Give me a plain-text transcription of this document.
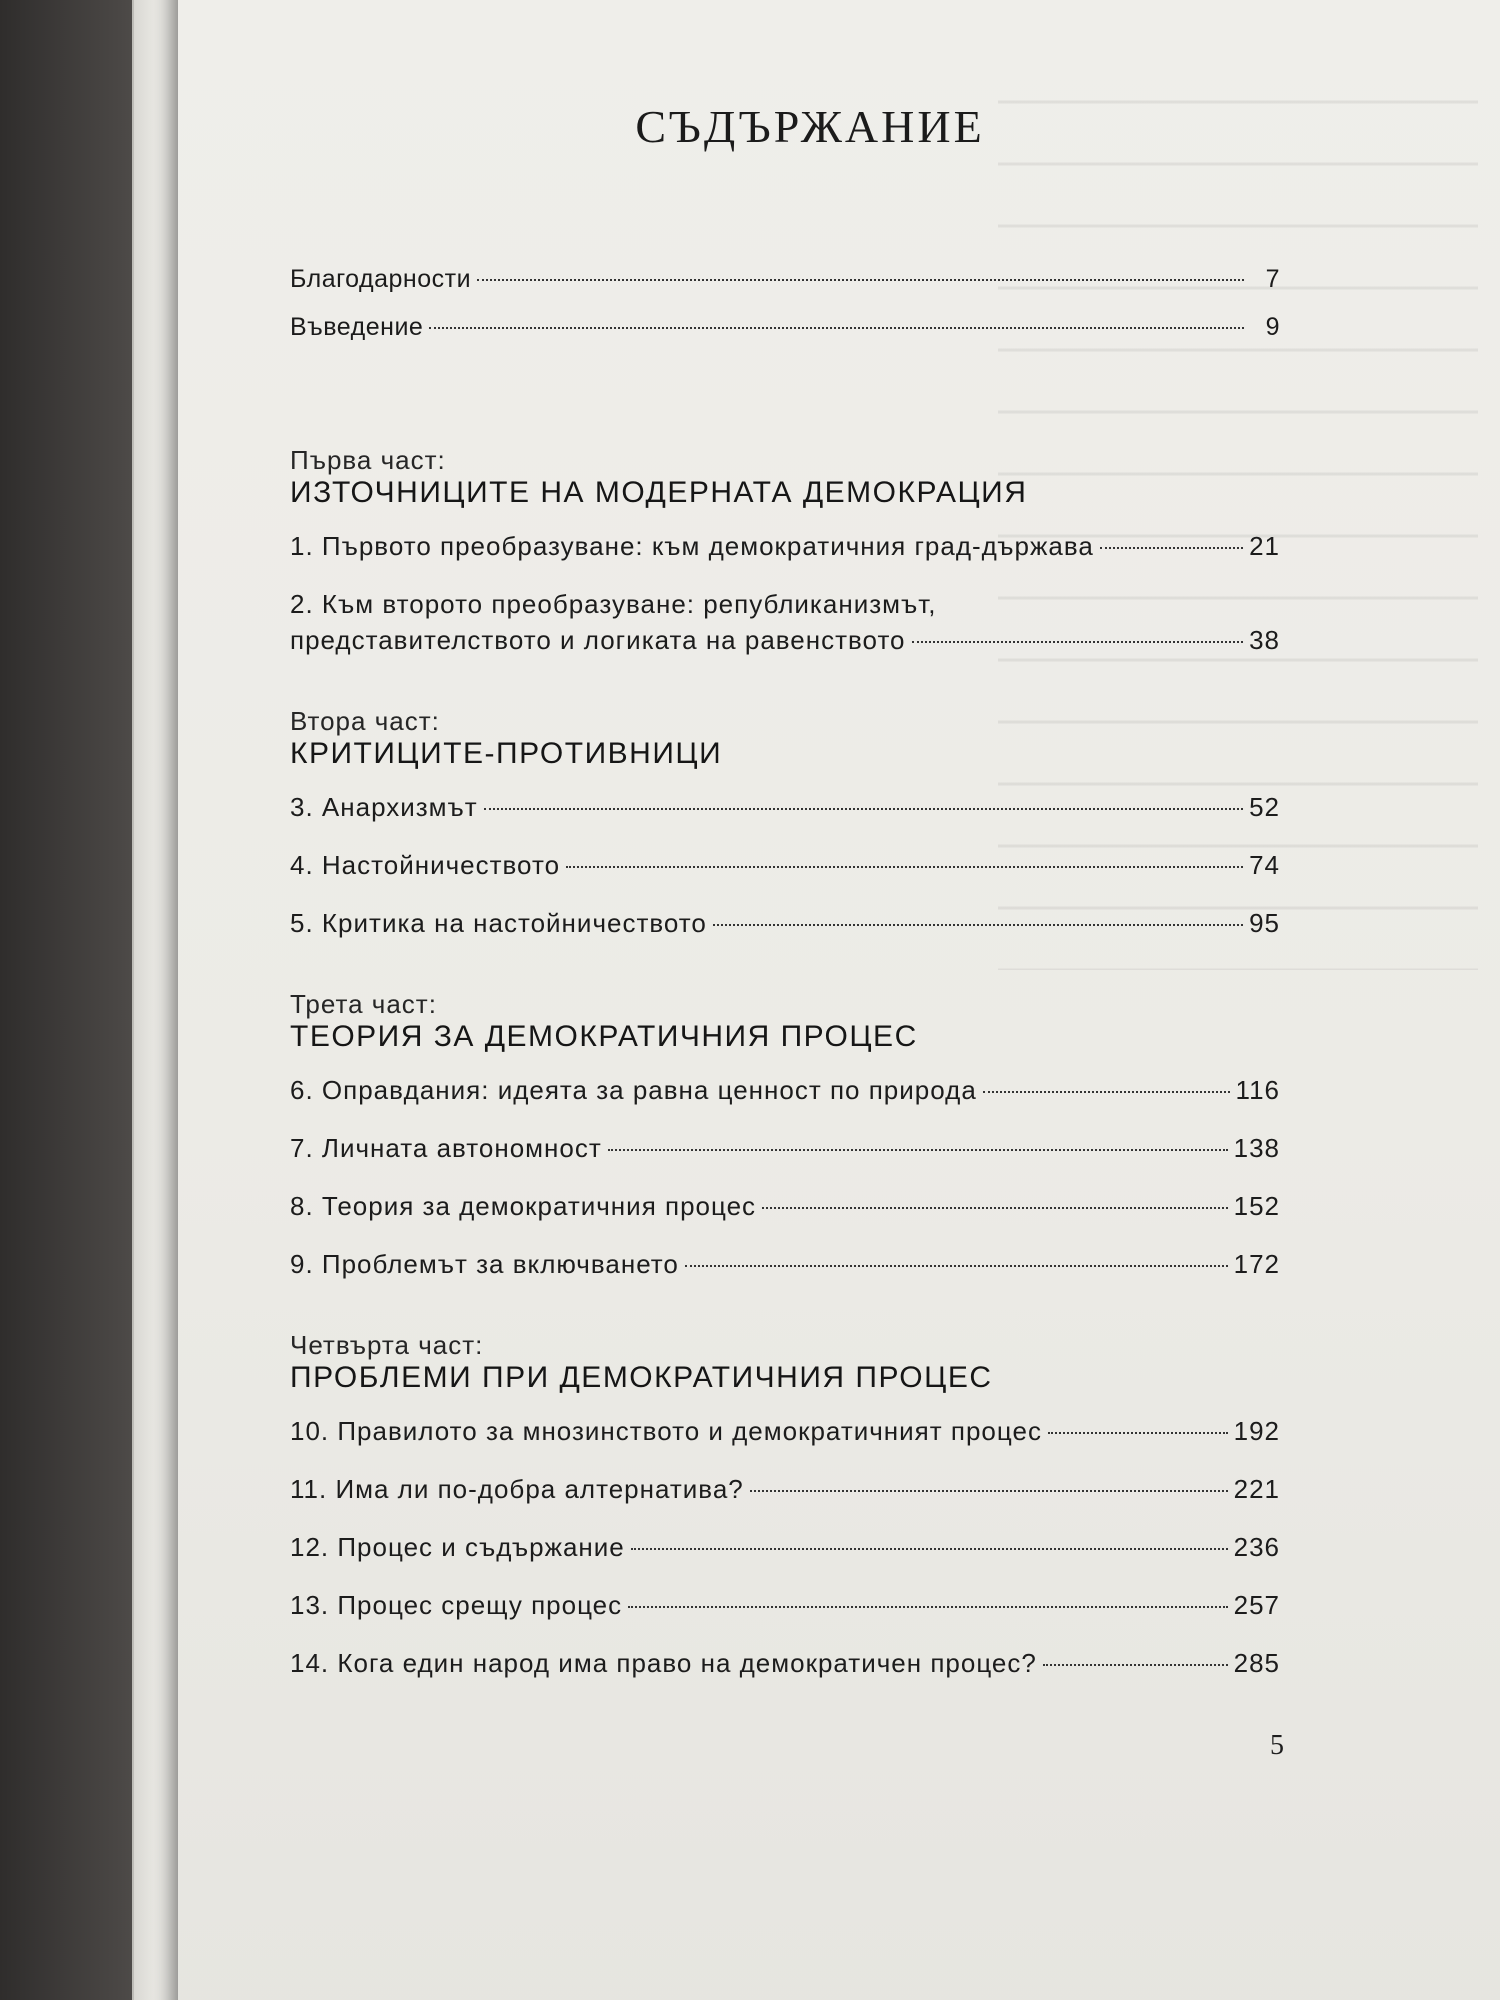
СЪДЪРЖАНИЕ
Благодарности	7
Въведение	9
Първа част:
ИЗТОЧНИЦИТЕ НА МОДЕРНАТА ДЕМОКРАЦИЯ
1. Първото преобразуване: към демократичния град-държава	21
2. Към второто преобразуване: републиканизмът,
представителството и логиката на равенството	38
Втора част:
КРИТИЦИТЕ-ПРОТИВНИЦИ
3. Анархизмът	52
4. Настойничеството	74
5. Критика на настойничеството	95
Трета част:
ТЕОРИЯ ЗА ДЕМОКРАТИЧНИЯ ПРОЦЕС
6. Оправдания: идеята за равна ценност по природа	116
7. Личната автономност	138
8. Теория за демократичния процес	152
9. Проблемът за включването	172
Четвърта част:
ПРОБЛЕМИ ПРИ ДЕМОКРАТИЧНИЯ ПРОЦЕС
10. Правилото за мнозинството и демократичният процес	192
11. Има ли по-добра алтернатива?	221
12. Процес и съдържание	236
13. Процес срещу процес	257
14. Кога един народ има право на демократичен процес?	285
5
